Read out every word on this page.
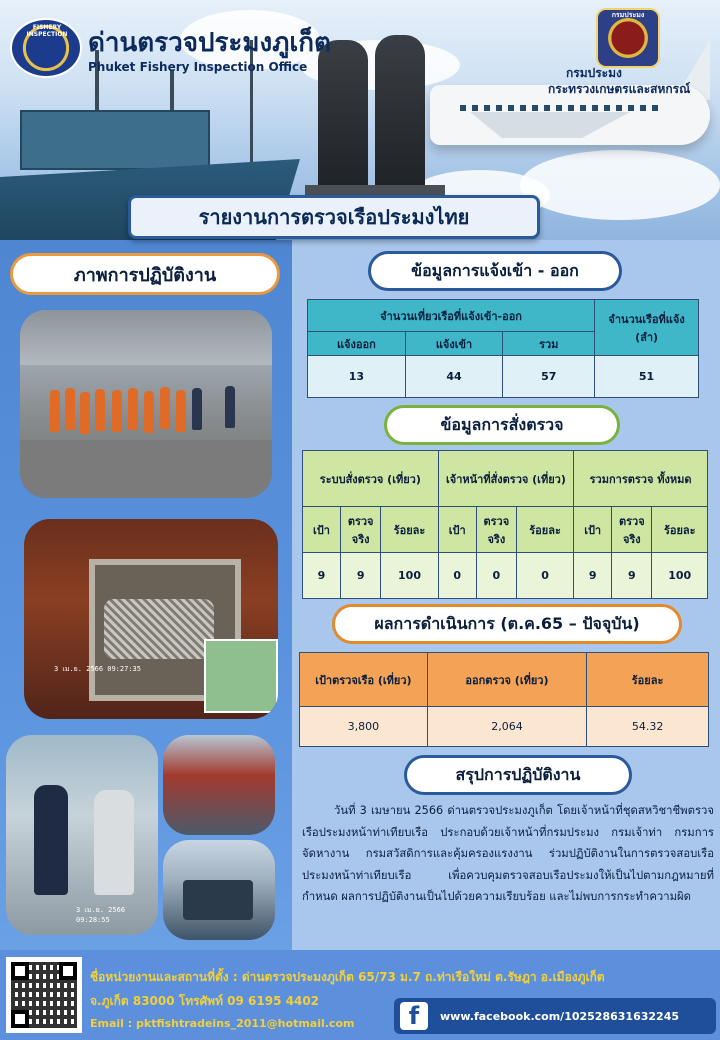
FISHERY INSPECTION ด่านตรวจประมงภูเก็ต
Phuket Fishery Inspection Office
กรมประมง
กรมประมง
กระทรวงเกษตรและสหกรณ์
รายงานการตรวจเรือประมงไทย
ภาพการปฏิบัติงาน
3 เม.ย. 2566 09:27:35
3 เม.ย. 2566 09:28:55
ข้อมูลการแจ้งเข้า - ออก
จำนวนเที่ยวเรือที่แจ้งเข้า-ออก			จำนวนเรือที่แจ้ง (ลำ)
แจ้งออก	แจ้งเข้า	รวม	
13	44	57	51
ข้อมูลการสั่งตรวจ
ระบบสั่งตรวจ (เที่ยว)			เจ้าหน้าที่สั่งตรวจ (เที่ยว)			รวมการตรวจ ทั้งหมด		
เป้า	ตรวจ จริง	ร้อยละ	เป้า	ตรวจ จริง	ร้อยละ	เป้า	ตรวจ จริง	ร้อยละ
9	9	100	0	0	0	9	9	100
ผลการดำเนินการ (ต.ค.65 – ปัจจุบัน)
เป้าตรวจเรือ (เที่ยว)	ออกตรวจ (เที่ยว)	ร้อยละ
3,800	2,064	54.32
สรุปการปฏิบัติงาน
วันที่ 3 เมษายน 2566 ด่านตรวจประมงภูเก็ต โดยเจ้าหน้าที่ชุดสหวิชาชีพตรวจเรือประมงหน้าท่าเทียบเรือ ประกอบด้วยเจ้าหน้าที่กรมประมง กรมเจ้าท่า กรมการจัดหางาน กรมสวัสดิการและคุ้มครองแรงงาน ร่วมปฏิบัติงานในการตรวจสอบเรือประมงหน้าท่าเทียบเรือ เพื่อควบคุมตรวจสอบเรือประมงให้เป็นไปตามกฎหมายที่กำหนด ผลการปฏิบัติงานเป็นไปด้วยความเรียบร้อย และไม่พบการกระทำความผิด
ชื่อหน่วยงานและสถานที่ตั้ง : ด่านตรวจประมงภูเก็ต 65/73 ม.7 ถ.ท่าเรือใหม่ ต.รัษฎา อ.เมืองภูเก็ต
จ.ภูเก็ต 83000 โทรศัพท์ 09 6195 4402
Email : pktfishtradeins_2011@hotmail.com	f	www.facebook.com/102528631632245
